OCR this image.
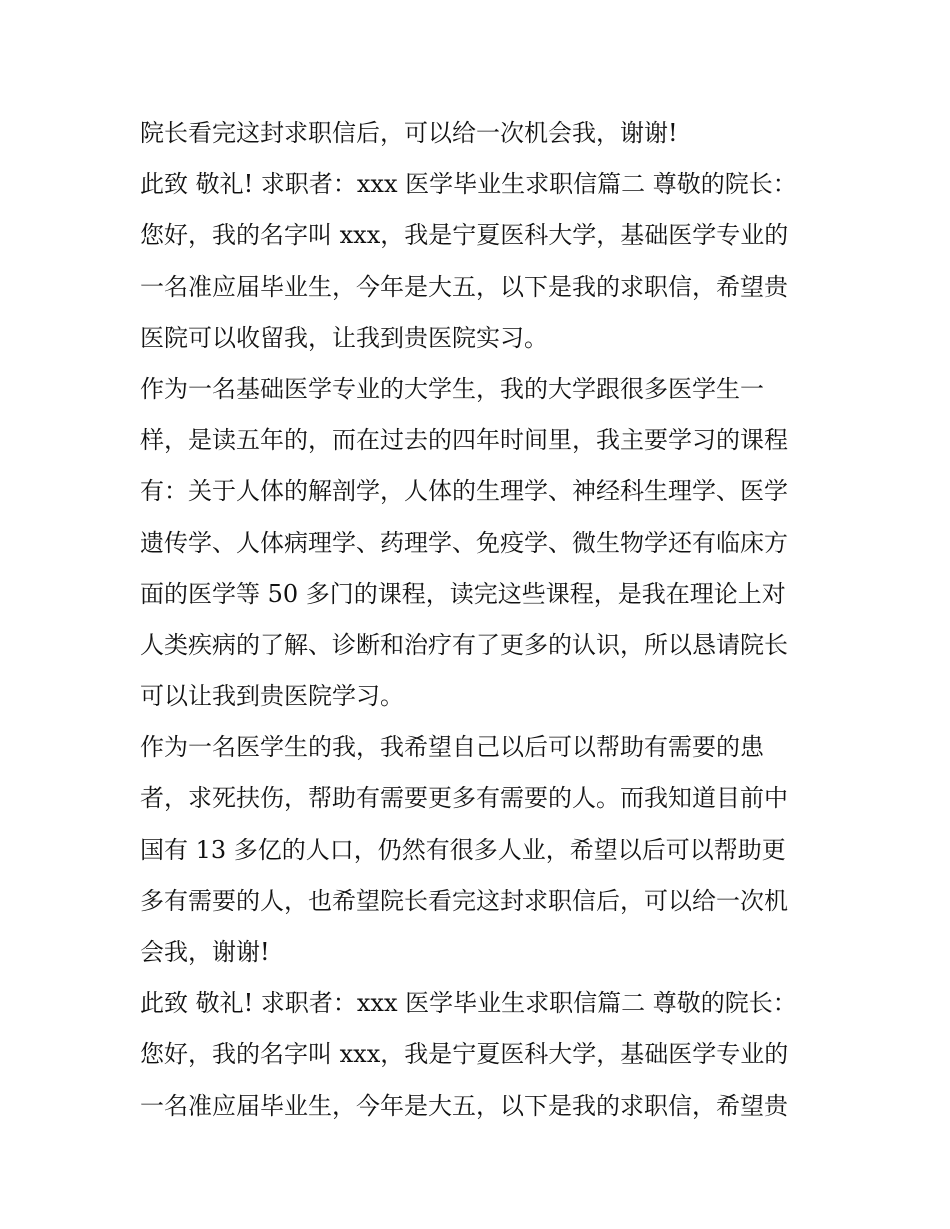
院长看完这封求职信后，可以给一次机会我，谢谢!
此致 敬礼! 求职者：xxx 医学毕业生求职信篇二 尊敬的院长：
您好，我的名字叫 xxx，我是宁夏医科大学，基础医学专业的
一名准应届毕业生，今年是大五，以下是我的求职信，希望贵
医院可以收留我，让我到贵医院实习。
作为一名基础医学专业的大学生，我的大学跟很多医学生一
样，是读五年的，而在过去的四年时间里，我主要学习的课程
有：关于人体的解剖学，人体的生理学、神经科生理学、医学
遗传学、人体病理学、药理学、免疫学、微生物学还有临床方
面的医学等 50 多门的课程，读完这些课程，是我在理论上对
人类疾病的了解、诊断和治疗有了更多的认识，所以恳请院长
可以让我到贵医院学习。
作为一名医学生的我，我希望自己以后可以帮助有需要的患
者，求死扶伤，帮助有需要更多有需要的人。而我知道目前中
国有 13 多亿的人口，仍然有很多人业，希望以后可以帮助更
多有需要的人，也希望院长看完这封求职信后，可以给一次机
会我，谢谢!
此致 敬礼! 求职者：xxx 医学毕业生求职信篇二 尊敬的院长：
您好，我的名字叫 xxx，我是宁夏医科大学，基础医学专业的
一名准应届毕业生，今年是大五，以下是我的求职信，希望贵
